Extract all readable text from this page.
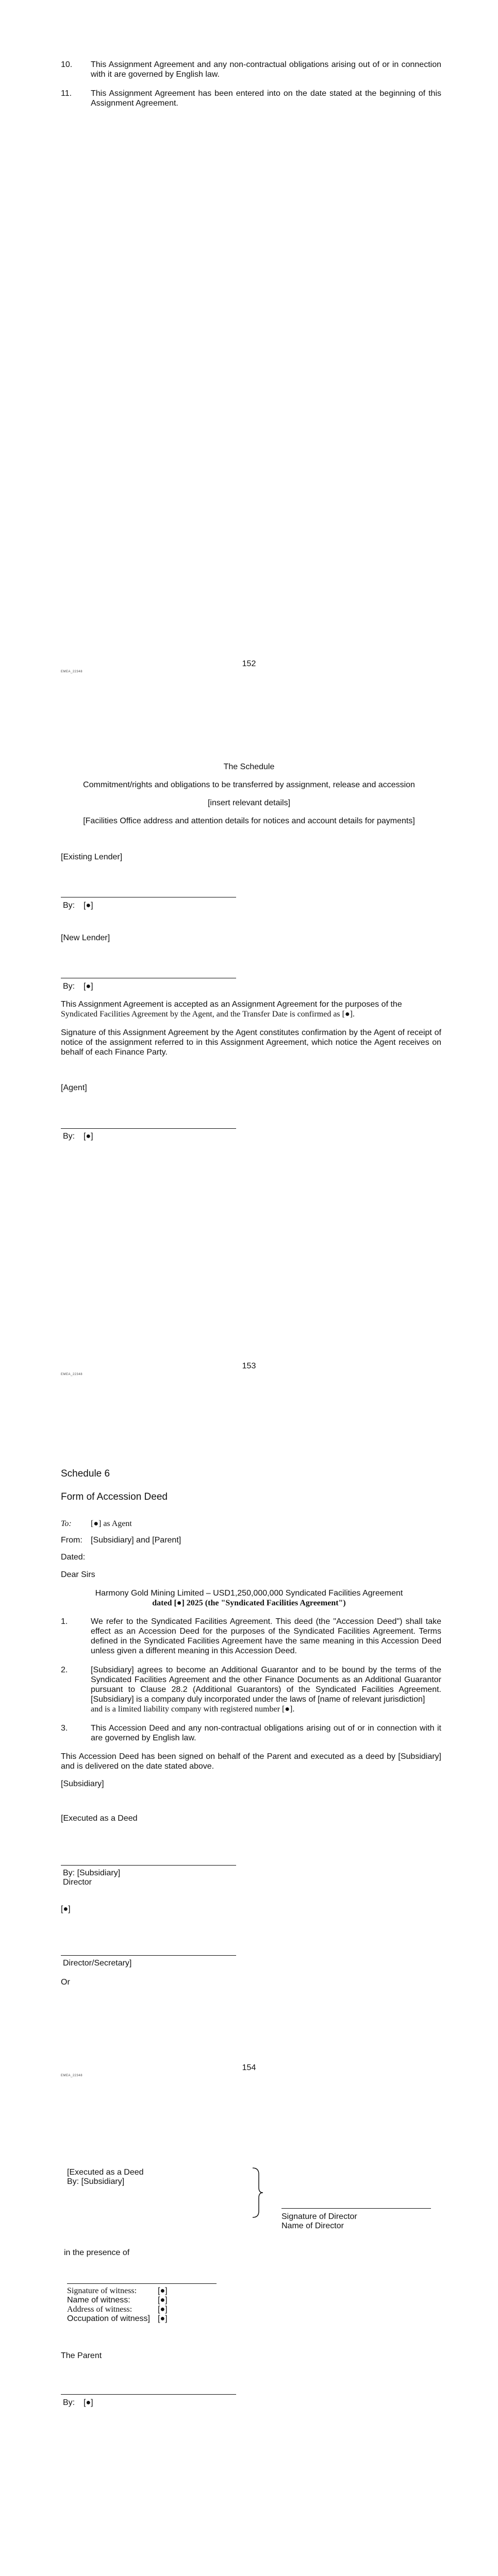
10. This Assignment Agreement and any non-contractual obligations arising out of or in connection with it are governed by English law.
11. This Assignment Agreement has been entered into on the date stated at the beginning of this Assignment Agreement.
152
EMEA_22348
The Schedule
Commitment/rights and obligations to be transferred by assignment, release and accession
[insert relevant details]
[Facilities Office address and attention details for notices and account details for payments]
[Existing Lender]
By: [●]
[New Lender]
By: [●]
This Assignment Agreement is accepted as an Assignment Agreement for the purposes of the
Syndicated Facilities Agreement by the Agent, and the Transfer Date is confirmed as [●].
Signature of this Assignment Agreement by the Agent constitutes confirmation by the Agent of receipt of notice of the assignment referred to in this Assignment Agreement, which notice the Agent receives on behalf of each Finance Party.
[Agent]
By: [●]
153
EMEA_22348
Schedule 6
Form of Accession Deed
To: [●] as Agent
From: [Subsidiary] and [Parent]
Dated:
Dear Sirs
Harmony Gold Mining Limited – USD1,250,000,000 Syndicated Facilities Agreement
dated [●] 2025 (the "Syndicated Facilities Agreement")
1.	We refer to the Syndicated Facilities Agreement. This deed (the "Accession Deed") shall take effect as an Accession Deed for the purposes of the Syndicated Facilities Agreement. Terms defined in the Syndicated Facilities Agreement have the same meaning in this Accession Deed unless given a different meaning in this Accession Deed.
2.	[Subsidiary] agrees to become an Additional Guarantor and to be bound by the terms of the Syndicated Facilities Agreement and the other Finance Documents as an Additional Guarantor pursuant to Clause 28.2 (Additional Guarantors) of the Syndicated Facilities Agreement. [Subsidiary] is a company duly incorporated under the laws of [name of relevant jurisdiction]
and is a limited liability company with registered number [●].
3.	This Accession Deed and any non-contractual obligations arising out of or in connection with it are governed by English law.
This Accession Deed has been signed on behalf of the Parent and executed as a deed by [Subsidiary] and is delivered on the date stated above.
[Subsidiary]
[Executed as a Deed
By: [Subsidiary]
Director
[●]
Director/Secretary]
Or
154
EMEA_22348
[Executed as a Deed
By: [Subsidiary]
Signature of Director
Name of Director
in the presence of
Signature of witness:	[●]
Name of witness:	[●]
Address of witness:	[●]
Occupation of witness] [●]
The Parent
By: [●]
